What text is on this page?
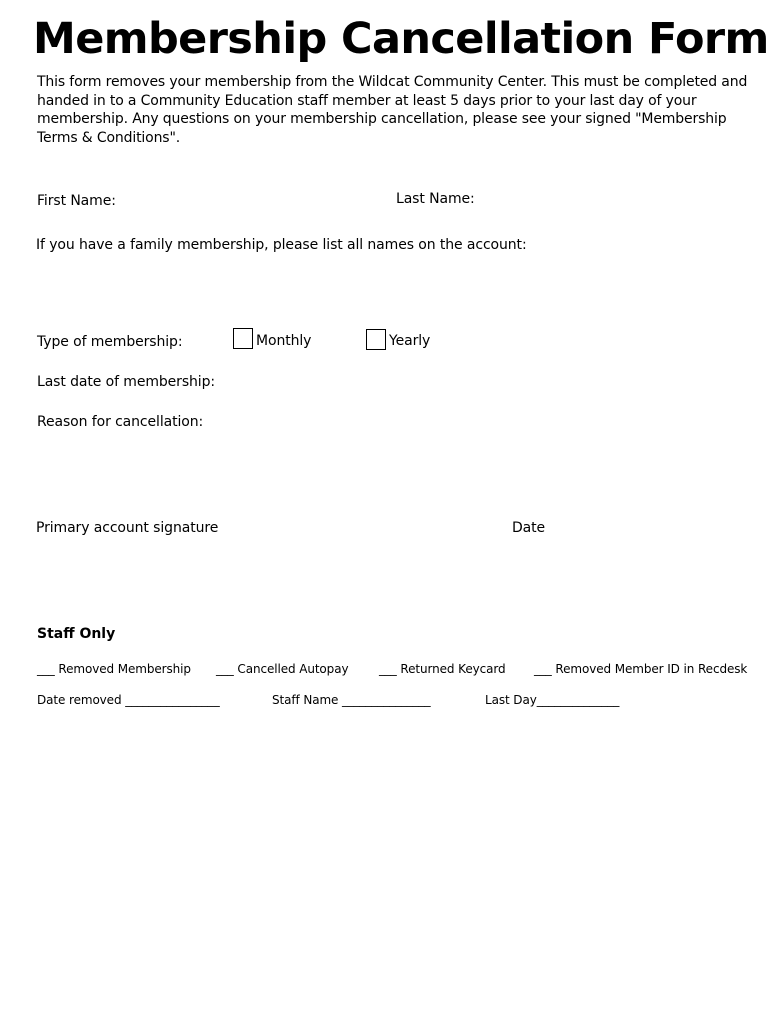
Membership Cancellation Form
This form removes your membership from the Wildcat Community Center. This must be completed and handed in to a Community Education staff member at least 5 days prior to your last day of your membership. Any questions on your membership cancellation, please see your signed "Membership Terms & Conditions".
First Name:	Last Name:
If you have a family membership, please list all names on the account:
Type of membership:	Monthly	Yearly
Last date of membership:
Reason for cancellation:
Primary account signature	Date
Staff Only
___ Removed Membership ___ Cancelled Autopay	___ Returned Keycard ___ Removed Member ID in Recdesk
Date removed ________________	Staff Name _______________	Last Day______________
